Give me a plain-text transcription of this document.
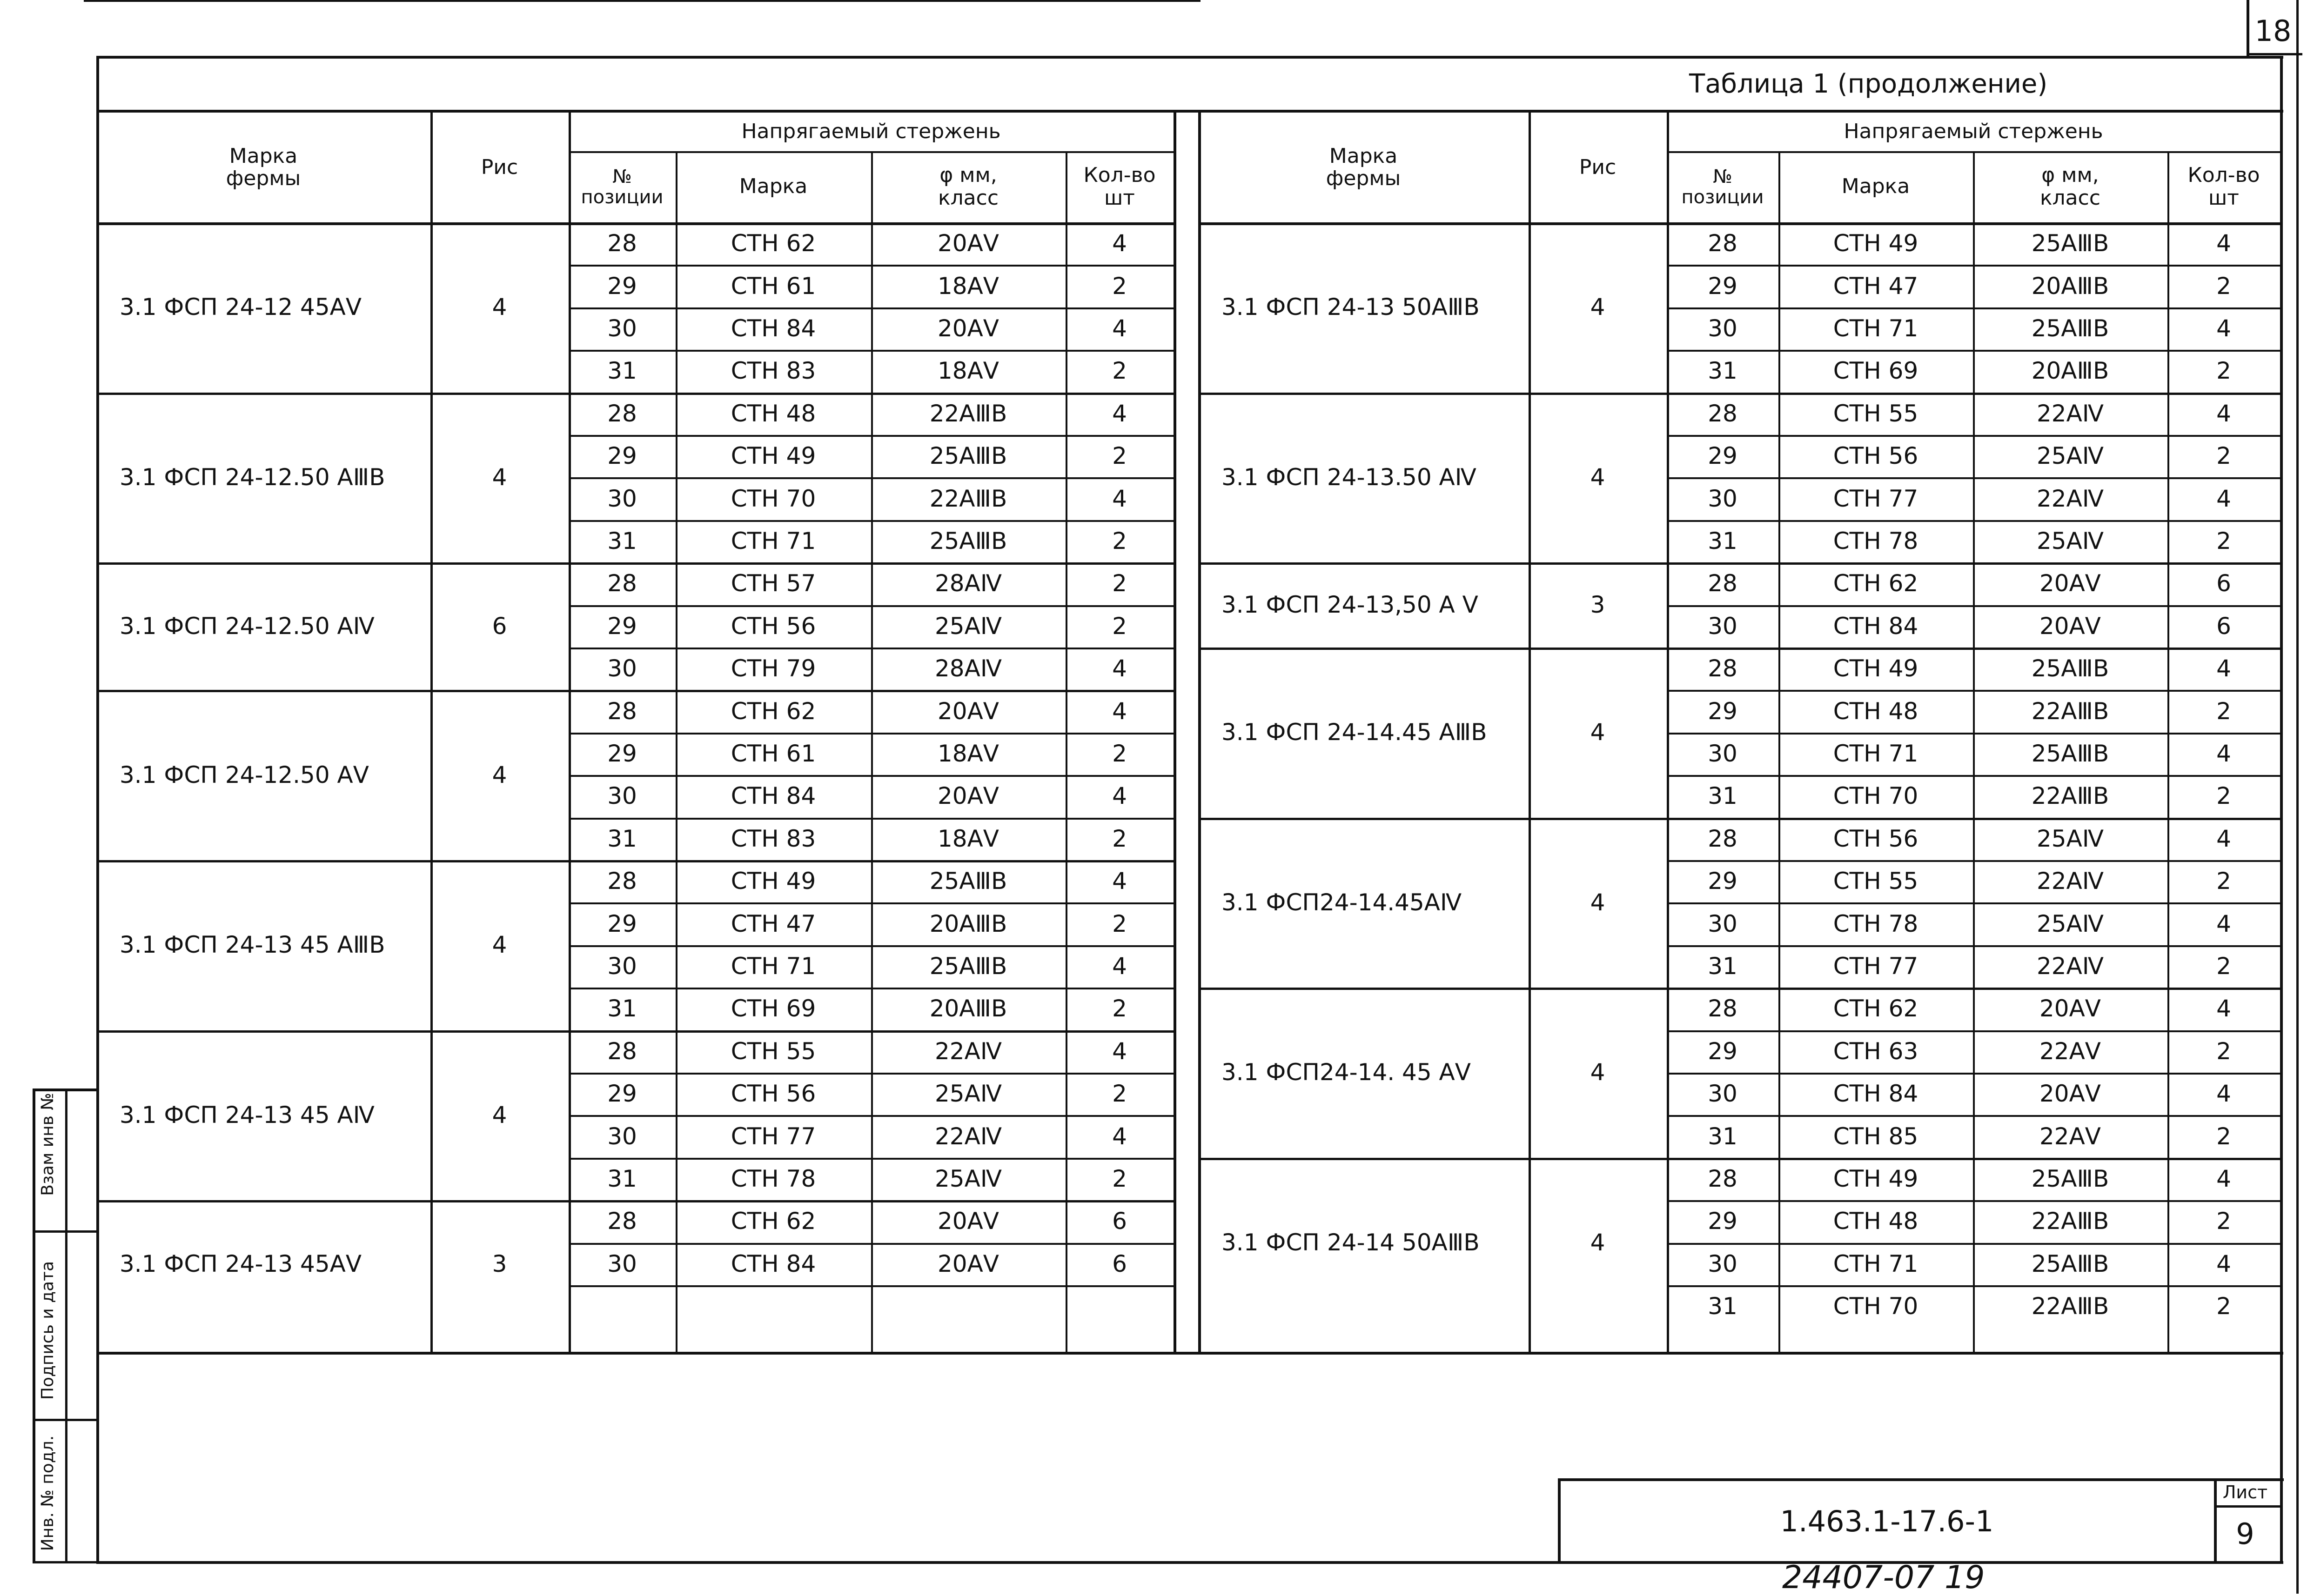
18
Таблица 1 (продолжение)
Марка
фермы	Рис
Напрягаемый стержень
№
позиции	Марка	φ мм,
класс
Кол-во
шт
3.1 ФСП 24-12 45АⅤ	4
28	СТН 62	20АⅤ	4
29	СТН 61	18АⅤ	2
30	СТН 84	20АⅤ	4
31	СТН 83	18АⅤ	2
3.1 ФСП 24-12.50 АⅢВ	4
28	СТН 48	22АⅢВ	4
29	СТН 49	25АⅢВ	2
30	СТН 70	22АⅢВ	4
31	СТН 71	25АⅢВ	2
3.1 ФСП 24-12.50 АⅣ	6
28	СТН 57	28АⅣ	2
29	СТН 56	25АⅣ	2
30	СТН 79	28АⅣ	4
3.1 ФСП 24-12.50 АⅤ	4
28	СТН 62	20АⅤ	4
29	СТН 61	18АⅤ	2
30	СТН 84	20АⅤ	4
31	СТН 83	18АⅤ	2
3.1 ФСП 24-13 45 АⅢВ	4
28	СТН 49	25АⅢВ	4
29	СТН 47	20АⅢВ	2
30	СТН 71	25АⅢВ	4
31	СТН 69	20АⅢВ	2
3.1 ФСП 24-13 45 АⅣ	4
28	СТН 55	22АⅣ	4
29	СТН 56	25АⅣ	2
30	СТН 77	22АⅣ	4
31	СТН 78	25АⅣ	2
3.1 ФСП 24-13 45АⅤ	3
28	СТН 62	20АⅤ	6
30	СТН 84	20АⅤ	6
Марка
фермы	Рис
Напрягаемый стержень
№
позиции	Марка	φ мм,
класс
Кол-во
шт
3.1 ФСП 24-13 50АⅢВ	4
28	СТН 49	25АⅢВ	4
29	СТН 47	20АⅢВ	2
30	СТН 71	25АⅢВ	4
31	СТН 69	20АⅢВ	2
3.1 ФСП 24-13.50 АⅣ	4
28	СТН 55	22АⅣ	4
29	СТН 56	25АⅣ	2
30	СТН 77	22АⅣ	4
31	СТН 78	25АⅣ	2
3.1 ФСП 24-13,50 А Ⅴ	3
28	СТН 62	20АⅤ	6
30	СТН 84	20АⅤ	6
3.1 ФСП 24-14.45 АⅢВ	4
28	СТН 49	25АⅢВ	4
29	СТН 48	22АⅢВ	2
30	СТН 71	25АⅢВ	4
31	СТН 70	22АⅢВ	2
3.1 ФСП24-14.45АⅣ	4
28	СТН 56	25АⅣ	4
29	СТН 55	22АⅣ	2
30	СТН 78	25АⅣ	4
31	СТН 77	22АⅣ	2
3.1 ФСП24-14. 45 АⅤ	4
28	СТН 62	20АⅤ	4
29	СТН 63	22АⅤ	2
30	СТН 84	20АⅤ	4
31	СТН 85	22АⅤ	2
3.1 ФСП 24-14 50АⅢВ	4
28	СТН 49	25АⅢВ	4
29	СТН 48	22АⅢВ	2
30	СТН 71	25АⅢВ	4
31	СТН 70	22АⅢВ	2
Взам инв №
Подпись и дата
Инв. № подл.	1.463.1-17.6-1
Лист
9
24407-07 19
